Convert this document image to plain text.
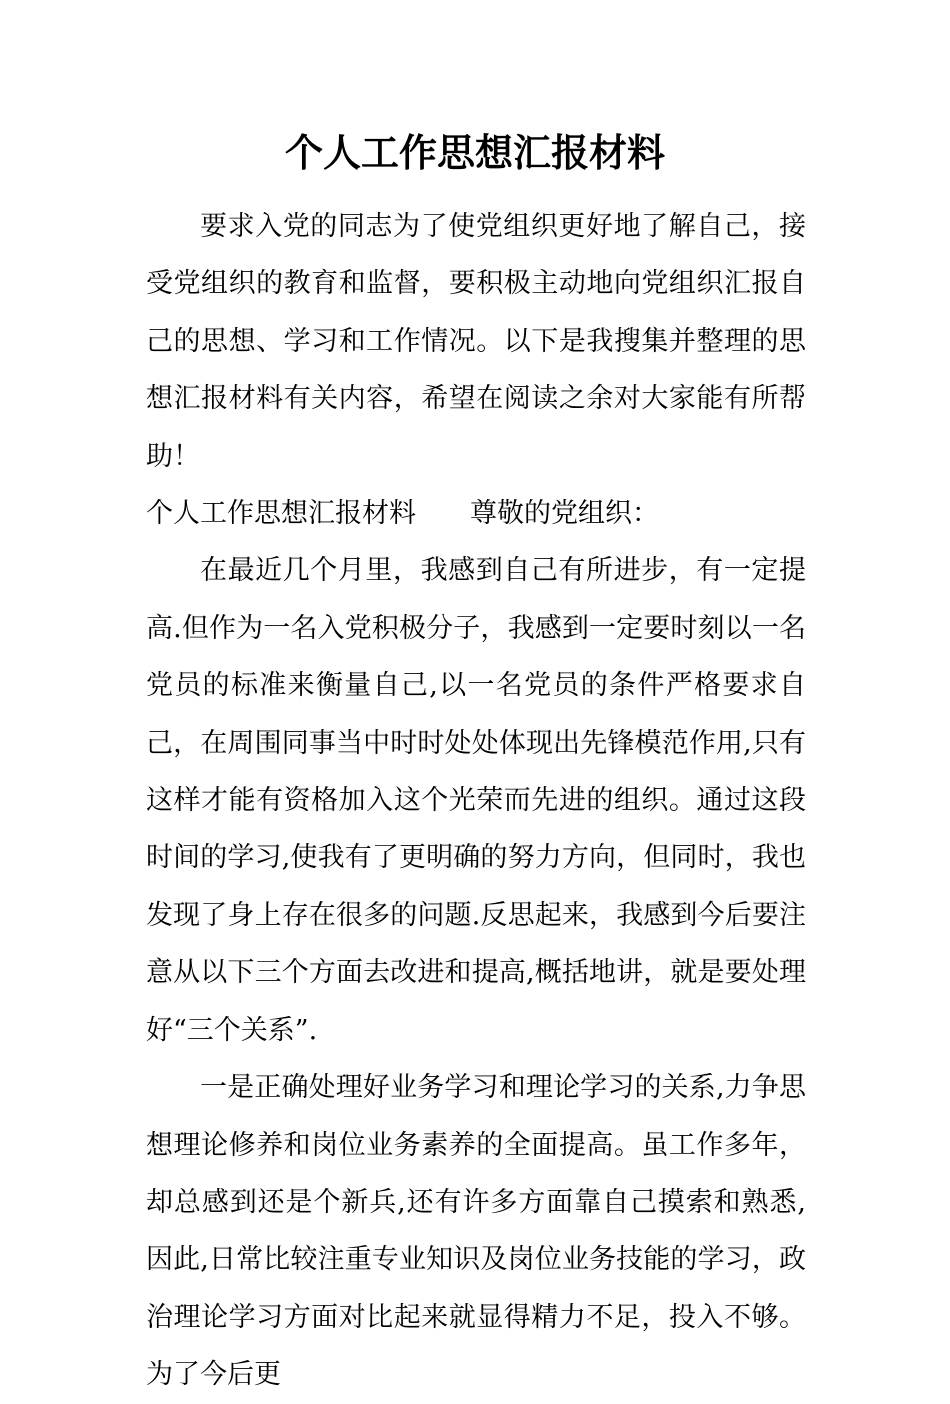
个人工作思想汇报材料

要求入党的同志为了使党组织更好地了解自己，接受党组织的教育和监督，要积极主动地向党组织汇报自己的思想、学习和工作情况。以下是我搜集并整理的思想汇报材料有关内容，希望在阅读之余对大家能有所帮助！

个人工作思想汇报材料 尊敬的党组织：

在最近几个月里，我感到自己有所进步，有一定提高.但作为一名入党积极分子，我感到一定要时刻以一名党员的标准来衡量自己,以一名党员的条件严格要求自己，在周围同事当中时时处处体现出先锋模范作用,只有这样才能有资格加入这个光荣而先进的组织。通过这段时间的学习,使我有了更明确的努力方向，但同时，我也发现了身上存在很多的问题.反思起来，我感到今后要注意从以下三个方面去改进和提高,概括地讲，就是要处理好“三个关系”.

一是正确处理好业务学习和理论学习的关系,力争思想理论修养和岗位业务素养的全面提高。虽工作多年，却总感到还是个新兵,还有许多方面靠自己摸索和熟悉,因此,日常比较注重专业知识及岗位业务技能的学习，政治理论学习方面对比起来就显得精力不足，投入不够。为了今后更
